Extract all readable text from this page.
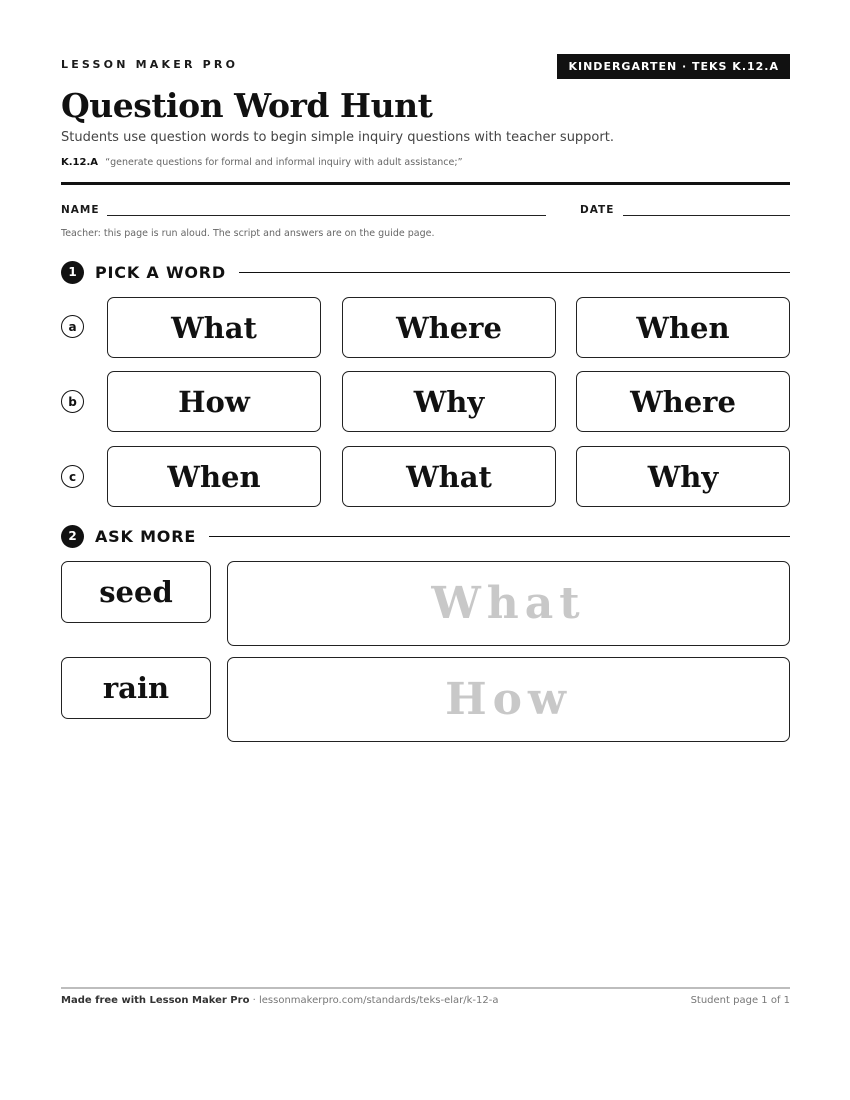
LESSON MAKER PRO	KINDERGARTEN · TEKS K.12.A
Question Word Hunt
Students use question words to begin simple inquiry questions with teacher support.
K.12.A “generate questions for formal and informal inquiry with adult assistance;”
NAME	DATE
Teacher: this page is run aloud. The script and answers are on the guide page.
1	PICK A WORD
a	What	Where	When
b	How	Why	Where
c	When	What	Why
2	ASK MORE
seed	What
rain	How
Made free with Lesson Maker Pro · lessonmakerpro.com/standards/teks-elar/k-12-a	Student page 1 of 1
